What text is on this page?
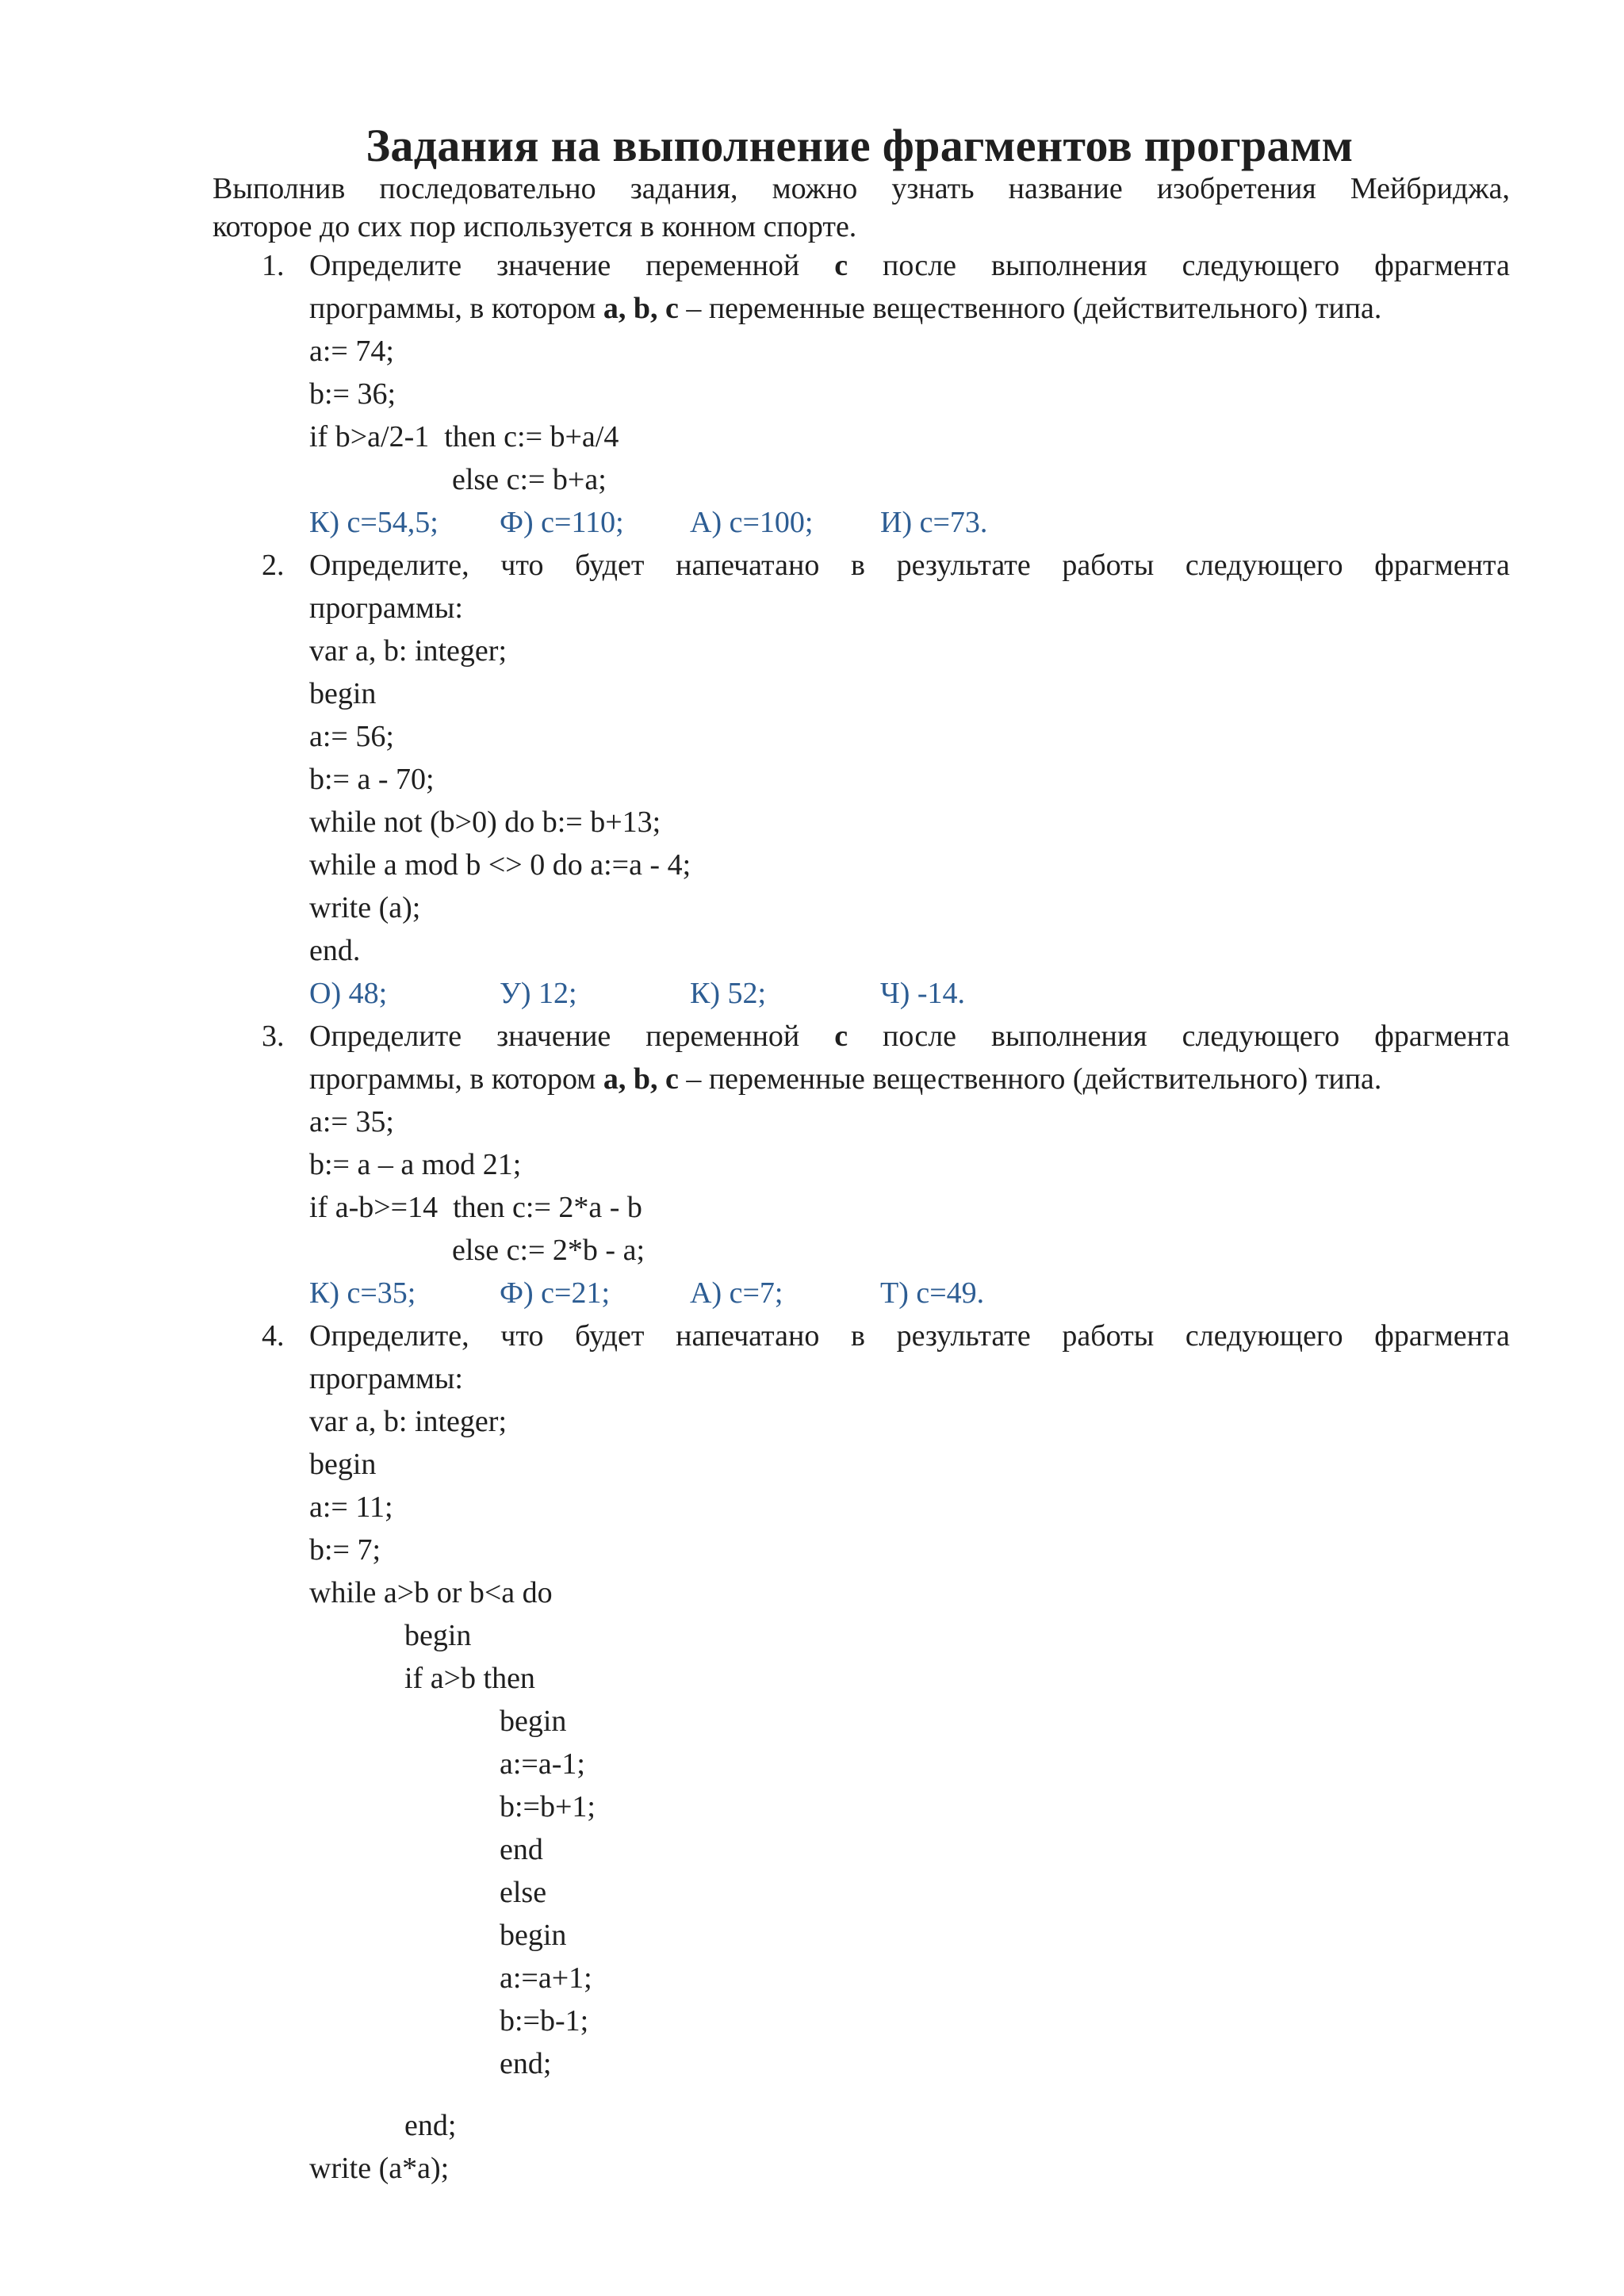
Задания на выполнение фрагментов программ
Выполнив последовательно задания, можно узнать название изобретения Мейбриджа,
которое до сих пор используется в конном спорте.
1. Определите значение переменной c после выполнения следующего фрагмента
программы, в котором a, b, c – переменные вещественного (действительного) типа.
a:= 74;
b:= 36;
if b>a/2-1  then c:= b+a/4
else c:= b+a;

К) c=54,5;

Ф) c=110;

А) c=100;

И) c=73.

2. Определите, что будет напечатано в результате работы следующего фрагмента
программы:
var a, b: integer;
begin
a:= 56;
b:= a - 70;
while not (b>0) do b:= b+13;
while a mod b <> 0 do a:=a - 4;
write (a);
end.

О) 48;

	У) 12;

	К) 52;

	Ч) -14.

3. Определите значение переменной c после выполнения следующего фрагмента
программы, в котором a, b, c – переменные вещественного (действительного) типа.
a:= 35;
b:= a – a mod 21;
if a-b>=14  then c:= 2*a - b
else c:= 2*b - a;

К) c=35;

	Ф) c=21;

	А) c=7;

	Т) c=49.

4. Определите, что будет напечатано в результате работы следующего фрагмента
программы:
var a, b: integer;
begin
a:= 11;
b:= 7;
while a>b or b<a do
begin
if a>b then
begin
a:=a-1;
b:=b+1;
end
else
begin
a:=a+1;
b:=b-1;
end;
end;
write (a*a);
